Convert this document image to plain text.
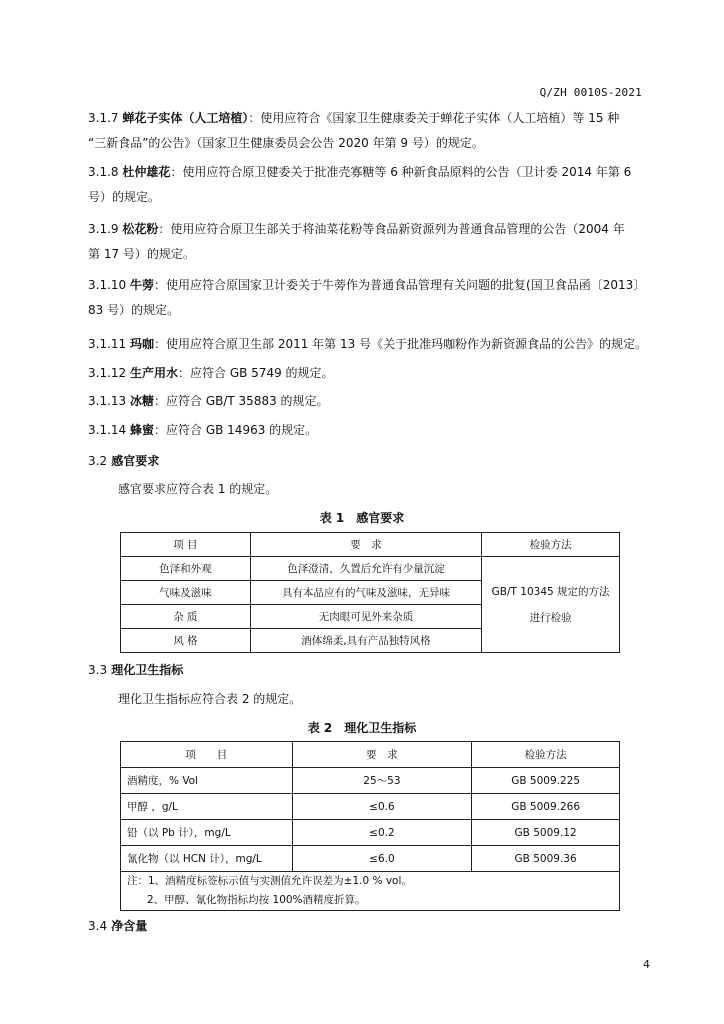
Q/ZH 0010S-2021
3.1.7 蝉花子实体（人工培植）：使用应符合《国家卫生健康委关于蝉花子实体（人工培植）等 15 种
“三新食品”的公告》（国家卫生健康委员会公告 2020 年第 9 号）的规定。
3.1.8 杜仲雄花：使用应符合原卫健委关于批准壳寡糖等 6 种新食品原料的公告（卫计委 2014 年第 6
号）的规定。
3.1.9 松花粉：使用应符合原卫生部关于将油菜花粉等食品新资源列为普通食品管理的公告（2004 年
第 17 号）的规定。
3.1.10 牛蒡：使用应符合原国家卫计委关于牛蒡作为普通食品管理有关问题的批复(国卫食品函〔2013〕
83 号）的规定。
3.1.11 玛咖：使用应符合原卫生部 2011 年第 13 号《关于批准玛咖粉作为新资源食品的公告》的规定。
3.1.12 生产用水：应符合 GB 5749 的规定。
3.1.13 冰糖：应符合 GB/T 35883 的规定。
3.1.14 蜂蜜：应符合 GB 14963 的规定。
3.2 感官要求
感官要求应符合表 1 的规定。
表 1　感官要求
项 目	要　求	检验方法
色泽和外观	色泽澄清，久置后允许有少量沉淀	GB/T 10345 规定的方法进行检验
气味及滋味	具有本品应有的气味及滋味，无异味	
杂 质	无肉眼可见外来杂质	
风 格	酒体绵柔,具有产品独特风格	
3.3 理化卫生指标
理化卫生指标应符合表 2 的规定。
表 2　理化卫生指标
项　　目	要　求	检验方法
酒精度，% Vol	25～53	GB 5009.225
甲醇 ，g/L	≤0.6	GB 5009.266
铅（以 Pb 计），mg/L	≤0.2	GB 5009.12
氰化物（以 HCN 计），mg/L	≤6.0	GB 5009.36
注：1、酒精度标签标示值与实测值允许误差为±1.0 % vol。
2、甲醇、氰化物指标均按 100%酒精度折算。		
3.4 净含量
4
